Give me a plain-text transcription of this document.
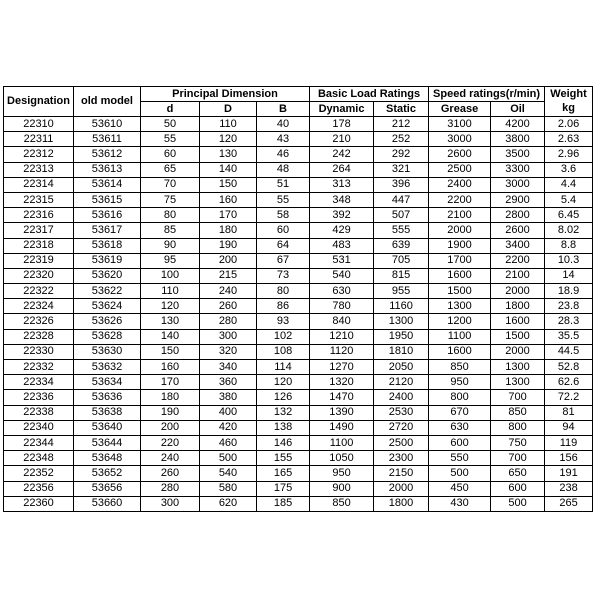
Designation	old model	Principal Dimension			Basic Load Ratings		Speed ratings(r/min)		Weight
		d	D	B	Dynamic	Static	Grease	Oil	kg
22310	53610	50	110	40	178	212	3100	4200	2.06
22311	53611	55	120	43	210	252	3000	3800	2.63
22312	53612	60	130	46	242	292	2600	3500	2.96
22313	53613	65	140	48	264	321	2500	3300	3.6
22314	53614	70	150	51	313	396	2400	3000	4.4
22315	53615	75	160	55	348	447	2200	2900	5.4
22316	53616	80	170	58	392	507	2100	2800	6.45
22317	53617	85	180	60	429	555	2000	2600	8.02
22318	53618	90	190	64	483	639	1900	3400	8.8
22319	53619	95	200	67	531	705	1700	2200	10.3
22320	53620	100	215	73	540	815	1600	2100	14
22322	53622	110	240	80	630	955	1500	2000	18.9
22324	53624	120	260	86	780	1160	1300	1800	23.8
22326	53626	130	280	93	840	1300	1200	1600	28.3
22328	53628	140	300	102	1210	1950	1100	1500	35.5
22330	53630	150	320	108	1120	1810	1600	2000	44.5
22332	53632	160	340	114	1270	2050	850	1300	52.8
22334	53634	170	360	120	1320	2120	950	1300	62.6
22336	53636	180	380	126	1470	2400	800	700	72.2
22338	53638	190	400	132	1390	2530	670	850	81
22340	53640	200	420	138	1490	2720	630	800	94
22344	53644	220	460	146	1100	2500	600	750	119
22348	53648	240	500	155	1050	2300	550	700	156
22352	53652	260	540	165	950	2150	500	650	191
22356	53656	280	580	175	900	2000	450	600	238
22360	53660	300	620	185	850	1800	430	500	265
